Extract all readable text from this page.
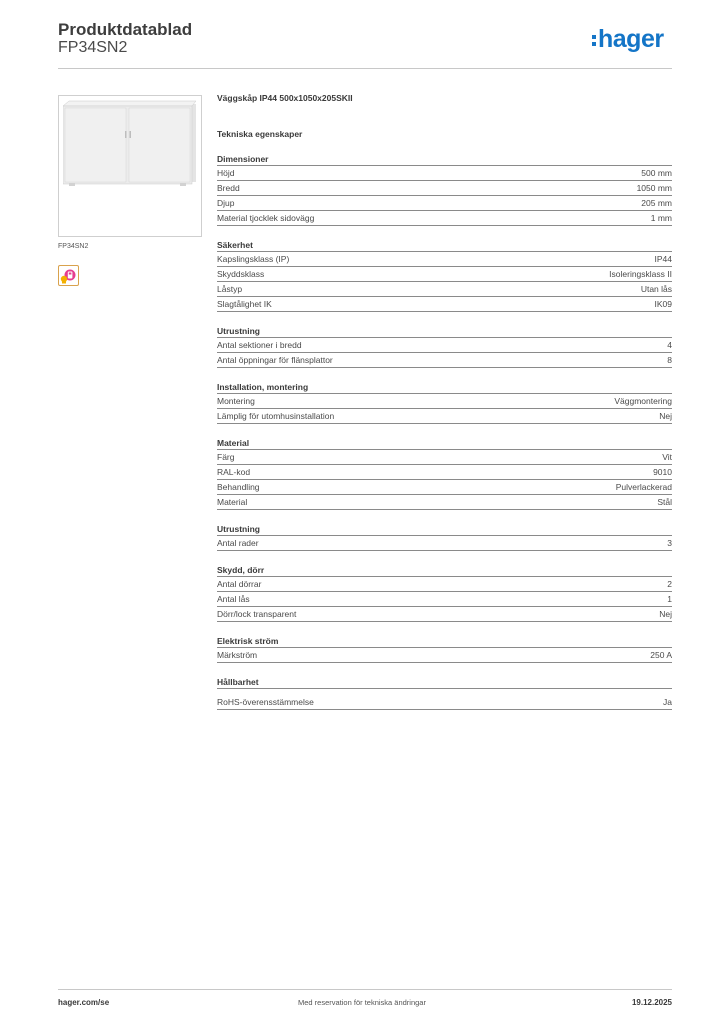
Produktdatablad
FP34SN2	hager
FP34SN2
Väggskåp IP44 500x1050x205SKII
Tekniska egenskaper
Dimensioner
Höjd	500 mm
Bredd	1050 mm
Djup	205 mm
Material tjocklek sidovägg	1 mm
Säkerhet
Kapslingsklass (IP)	IP44
Skyddsklass	Isoleringsklass II
Låstyp	Utan lås
Slagtålighet IK	IK09
Utrustning
Antal sektioner i bredd	4
Antal öppningar för flänsplattor	8
Installation, montering
Montering	Väggmontering
Lämplig för utomhusinstallation	Nej
Material
Färg	Vit
RAL-kod	9010
Behandling	Pulverlackerad
Material	Stål
Utrustning
Antal rader	3
Skydd, dörr
Antal dörrar	2
Antal lås	1
Dörr/lock transparent	Nej
Elektrisk ström
Märkström	250 A
Hållbarhet
RoHS-överensstämmelse	Ja
hager.com/se	Med reservation för tekniska ändringar	19.12.2025
